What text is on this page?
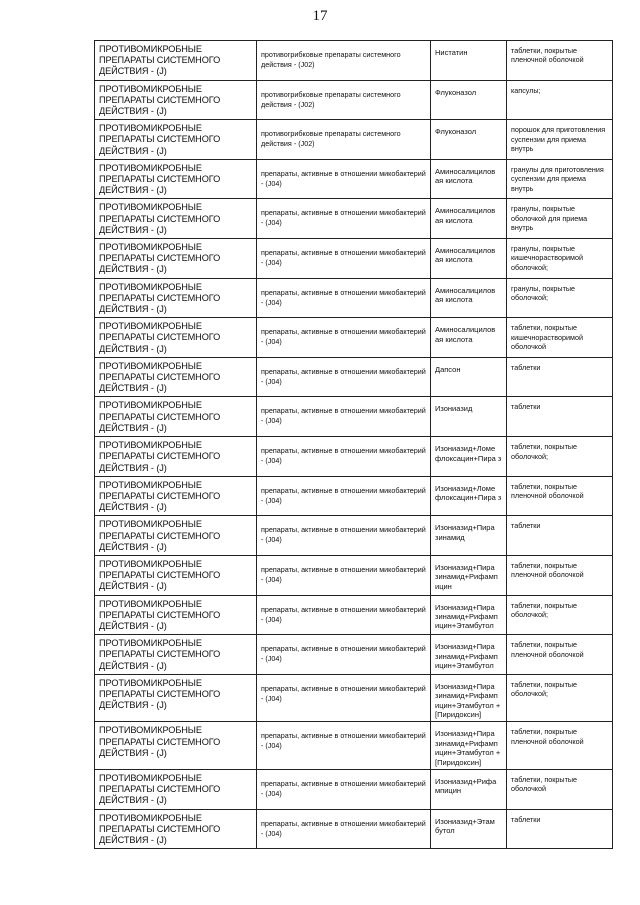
17
ПРОТИВОМИКРОБНЫЕ ПРЕПАРАТЫ СИСТЕМНОГО ДЕЙСТВИЯ - (J)	противогрибковые препараты системного действия - (J02)	Нистатин	таблетки, покрытые пленочной оболочкой

ПРОТИВОМИКРОБНЫЕ ПРЕПАРАТЫ СИСТЕМНОГО ДЕЙСТВИЯ - (J)	противогрибковые препараты системного действия - (J02)	Флуконазол	капсулы;

ПРОТИВОМИКРОБНЫЕ ПРЕПАРАТЫ СИСТЕМНОГО ДЕЙСТВИЯ - (J)	противогрибковые препараты системного действия - (J02)	Флуконазол	порошок для приготовления суспензии для приема внутрь

ПРОТИВОМИКРОБНЫЕ ПРЕПАРАТЫ СИСТЕМНОГО ДЕЙСТВИЯ - (J)	препараты, активные в отношении микобактерий - (J04)	Аминосалицилов ая кислота	гранулы для приготовления суспензии для приема внутрь

ПРОТИВОМИКРОБНЫЕ ПРЕПАРАТЫ СИСТЕМНОГО ДЕЙСТВИЯ - (J)	препараты, активные в отношении микобактерий - (J04)	Аминосалицилов ая кислота	гранулы, покрытые оболочкой для приема внутрь

ПРОТИВОМИКРОБНЫЕ ПРЕПАРАТЫ СИСТЕМНОГО ДЕЙСТВИЯ - (J)	препараты, активные в отношении микобактерий - (J04)	Аминосалицилов ая кислота	гранулы, покрытые кишечнорастворимой оболочкой;

ПРОТИВОМИКРОБНЫЕ ПРЕПАРАТЫ СИСТЕМНОГО ДЕЙСТВИЯ - (J)	препараты, активные в отношении микобактерий - (J04)	Аминосалицилов ая кислота	гранулы, покрытые оболочкой;

ПРОТИВОМИКРОБНЫЕ ПРЕПАРАТЫ СИСТЕМНОГО ДЕЙСТВИЯ - (J)	препараты, активные в отношении микобактерий - (J04)	Аминосалицилов ая кислота	таблетки, покрытые кишечнорастворимой оболочкой

ПРОТИВОМИКРОБНЫЕ ПРЕПАРАТЫ СИСТЕМНОГО ДЕЙСТВИЯ - (J)	препараты, активные в отношении микобактерий - (J04)	Дапсон	таблетки

ПРОТИВОМИКРОБНЫЕ ПРЕПАРАТЫ СИСТЕМНОГО ДЕЙСТВИЯ - (J)	препараты, активные в отношении микобактерий - (J04)	Изониазид	таблетки

ПРОТИВОМИКРОБНЫЕ ПРЕПАРАТЫ СИСТЕМНОГО ДЕЙСТВИЯ - (J)	препараты, активные в отношении микобактерий - (J04)	Изониазид+Ломе флоксацин+Пира з	таблетки, покрытые оболочкой;

ПРОТИВОМИКРОБНЫЕ ПРЕПАРАТЫ СИСТЕМНОГО ДЕЙСТВИЯ - (J)	препараты, активные в отношении микобактерий - (J04)	Изониазид+Ломе флоксацин+Пира з	таблетки, покрытые пленочной оболочкой

ПРОТИВОМИКРОБНЫЕ ПРЕПАРАТЫ СИСТЕМНОГО ДЕЙСТВИЯ - (J)	препараты, активные в отношении микобактерий - (J04)	Изониазид+Пира зинамид	таблетки

ПРОТИВОМИКРОБНЫЕ ПРЕПАРАТЫ СИСТЕМНОГО ДЕЙСТВИЯ - (J)	препараты, активные в отношении микобактерий - (J04)	Изониазид+Пира зинамид+Рифамп ицин	таблетки, покрытые пленочной оболочкой

ПРОТИВОМИКРОБНЫЕ ПРЕПАРАТЫ СИСТЕМНОГО ДЕЙСТВИЯ - (J)	препараты, активные в отношении микобактерий - (J04)	Изониазид+Пира зинамид+Рифамп ицин+Этамбутол	таблетки, покрытые оболочкой;

ПРОТИВОМИКРОБНЫЕ ПРЕПАРАТЫ СИСТЕМНОГО ДЕЙСТВИЯ - (J)	препараты, активные в отношении микобактерий - (J04)	Изониазид+Пира зинамид+Рифамп ицин+Этамбутол	таблетки, покрытые пленочной оболочкой

ПРОТИВОМИКРОБНЫЕ ПРЕПАРАТЫ СИСТЕМНОГО ДЕЙСТВИЯ - (J)	препараты, активные в отношении микобактерий - (J04)	Изониазид+Пира зинамид+Рифамп ицин+Этамбутол +[Пиридоксин]	таблетки, покрытые оболочкой;

ПРОТИВОМИКРОБНЫЕ ПРЕПАРАТЫ СИСТЕМНОГО ДЕЙСТВИЯ - (J)	препараты, активные в отношении микобактерий - (J04)	Изониазид+Пира зинамид+Рифамп ицин+Этамбутол +[Пиридоксин]	таблетки, покрытые пленочной оболочкой

ПРОТИВОМИКРОБНЫЕ ПРЕПАРАТЫ СИСТЕМНОГО ДЕЙСТВИЯ - (J)	препараты, активные в отношении микобактерий - (J04)	Изониазид+Рифа мпицин	таблетки, покрытые оболочкой

ПРОТИВОМИКРОБНЫЕ ПРЕПАРАТЫ СИСТЕМНОГО ДЕЙСТВИЯ - (J)	препараты, активные в отношении микобактерий - (J04)	Изониазид+Этам бутол	таблетки
